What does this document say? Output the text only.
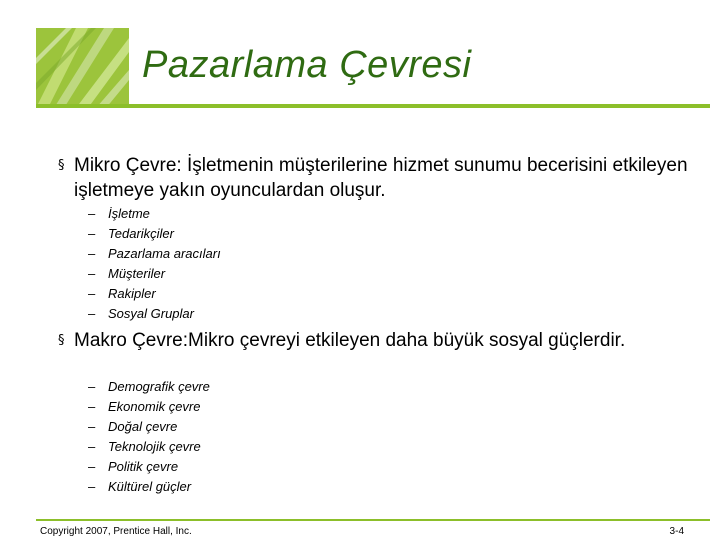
Pazarlama Çevresi
§ Mikro Çevre: İşletmenin müşterilerine hizmet sunumu becerisini etkileyen işletmeye yakın oyunculardan oluşur.
– İşletme
– Tedarikçiler
– Pazarlama aracıları
– Müşteriler
– Rakipler
– Sosyal Gruplar
§ Makro Çevre:Mikro çevreyi etkileyen daha büyük sosyal güçlerdir.
– Demografik çevre
– Ekonomik çevre
– Doğal çevre
– Teknolojik çevre
– Politik çevre
– Kültürel güçler
Copyright 2007, Prentice Hall, Inc.	3-4
